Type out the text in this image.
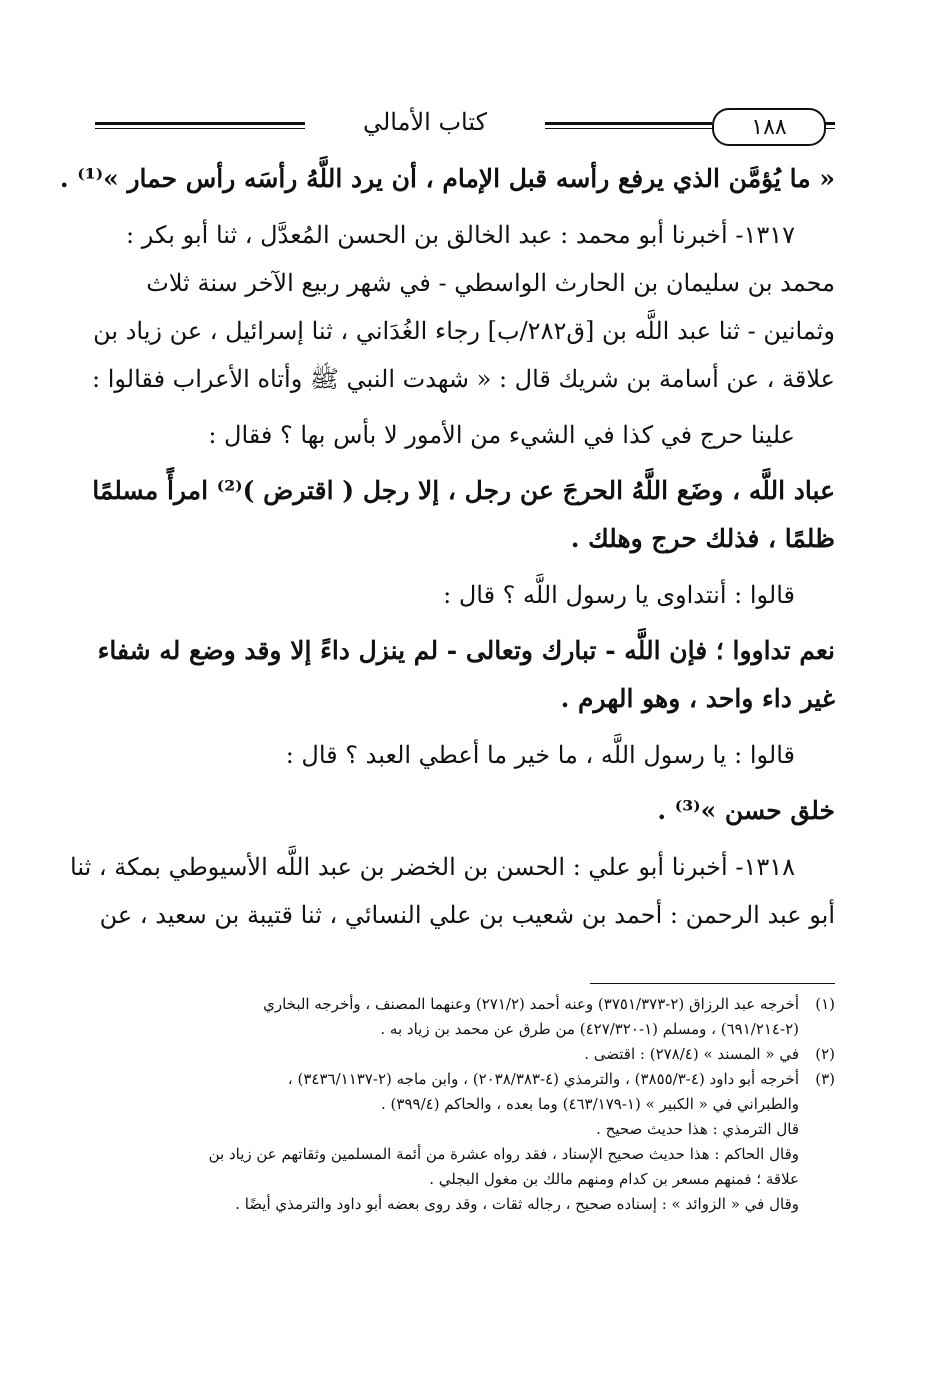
كتاب الأمالي	١٨٨
« ما يُؤمَّن الذي يرفع رأسه قبل الإمام ، أن يرد اللَّهُ رأسَه رأس حمار »⁽¹⁾ .
١٣١٧- أخبرنا أبو محمد : عبد الخالق بن الحسن المُعدَّل ، ثنا أبو بكر :
محمد بن سليمان بن الحارث الواسطي - في شهر ربيع الآخر سنة ثلاث
وثمانين - ثنا عبد اللَّه بن [ق٢٨٢/ب] رجاء الغُدَاني ، ثنا إسرائيل ، عن زياد بن
علاقة ، عن أسامة بن شريك قال : « شهدت النبي ﷺ وأتاه الأعراب فقالوا :
علينا حرج في كذا في الشيء من الأمور لا بأس بها ؟ فقال :
عباد اللَّه ، وضَع اللَّهُ الحرجَ عن رجل ، إلا رجل ( اقترض )⁽²⁾ امرأً مسلمًا
ظلمًا ، فذلك حرج وهلك .
قالوا : أنتداوى يا رسول اللَّه ؟ قال :
نعم تداووا ؛ فإن اللَّه - تبارك وتعالى - لم ينزل داءً إلا وقد وضع له شفاء
غير داء واحد ، وهو الهرم .
قالوا : يا رسول اللَّه ، ما خير ما أعطي العبد ؟ قال :
خلق حسن »⁽³⁾ .
١٣١٨- أخبرنا أبو علي : الحسن بن الخضر بن عبد اللَّه الأسيوطي بمكة ، ثنا
أبو عبد الرحمن : أحمد بن شعيب بن علي النسائي ، ثنا قتيبة بن سعيد ، عن
(١)أخرجه عبد الرزاق (٢-٣٧٥١/٣٧٣) وعنه أحمد (٢٧١/٢) وعنهما المصنف ، وأخرجه البخاري
(٢-٦٩١/٢١٤) ، ومسلم (١-٤٢٧/٣٢٠) من طرق عن محمد بن زياد به .
(٢)في « المسند » (٢٧٨/٤) : اقتضى .
(٣)أخرجه أبو داود (٤-٣٨٥٥/٣) ، والترمذي (٤-٢٠٣٨/٣٨٣) ، وابن ماجه (٢-٣٤٣٦/١١٣٧) ،
والطبراني في « الكبير » (١-٤٦٣/١٧٩) وما بعده ، والحاكم (٣٩٩/٤) .
قال الترمذي : هذا حديث صحيح .
وقال الحاكم : هذا حديث صحيح الإسناد ، فقد رواه عشرة من أئمة المسلمين وثقاتهم عن زياد بن
علاقة ؛ فمنهم مسعر بن كدام ومنهم مالك بن مغول البجلي .
وقال في « الزوائد » : إسناده صحيح ، رجاله ثقات ، وقد روى بعضه أبو داود والترمذي أيضًا .
